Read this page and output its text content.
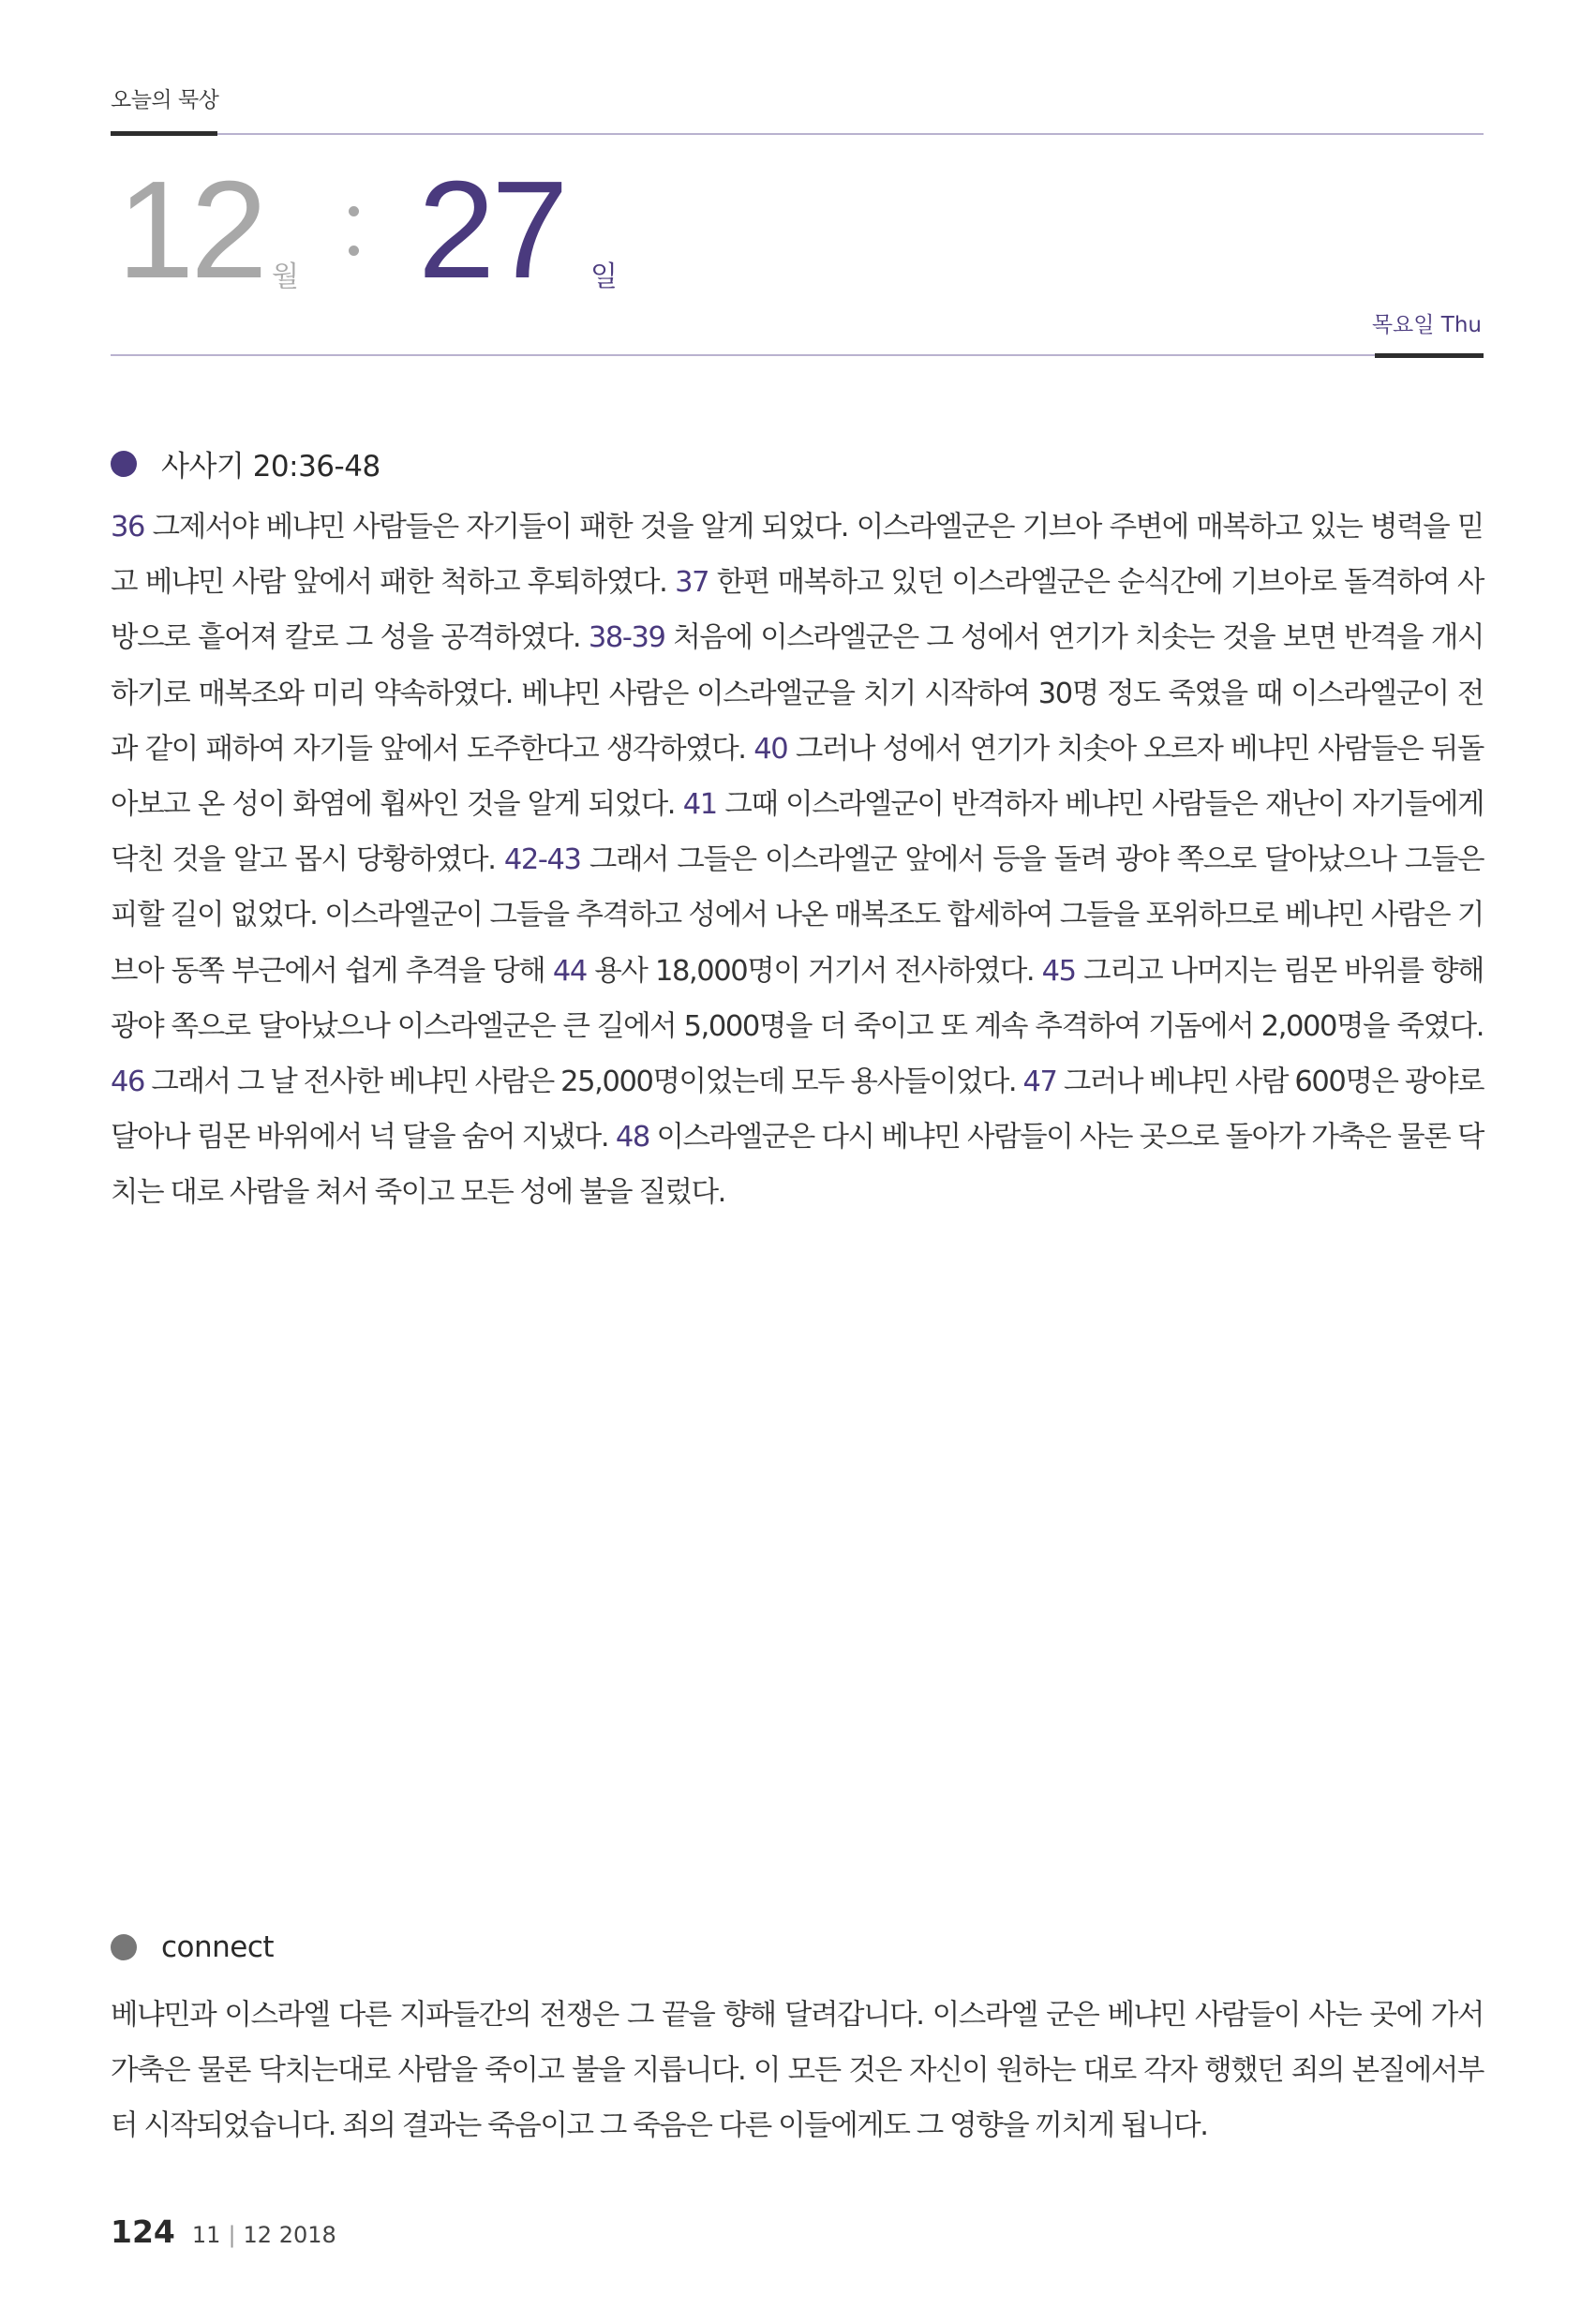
오늘의 묵상
12 월 27 일
목요일 Thu
사사기 20:36-48
36 그제서야 베냐민 사람들은 자기들이 패한 것을 알게 되었다. 이스라엘군은 기브아 주변에 매복하고 있는 병력을 믿고 베냐민 사람 앞에서 패한 척하고 후퇴하였다. 37 한편 매복하고 있던 이스라엘군은 순식간에 기브아로 돌격하여 사방으로 흩어져 칼로 그 성을 공격하였다. 38-39 처음에 이스라엘군은 그 성에서 연기가 치솟는 것을 보면 반격을 개시하기로 매복조와 미리 약속하였다. 베냐민 사람은 이스라엘군을 치기 시작하여 30명 정도 죽였을 때 이스라엘군이 전과 같이 패하여 자기들 앞에서 도주한다고 생각하였다. 40 그러나 성에서 연기가 치솟아 오르자 베냐민 사람들은 뒤돌아보고 온 성이 화염에 휩싸인 것을 알게 되었다. 41 그때 이스라엘군이 반격하자 베냐민 사람들은 재난이 자기들에게 닥친 것을 알고 몹시 당황하였다. 42-43 그래서 그들은 이스라엘군 앞에서 등을 돌려 광야 쪽으로 달아났으나 그들은 피할 길이 없었다. 이스라엘군이 그들을 추격하고 성에서 나온 매복조도 합세하여 그들을 포위하므로 베냐민 사람은 기브아 동쪽 부근에서 쉽게 추격을 당해 44 용사 18,000명이 거기서 전사하였다. 45 그리고 나머지는 림몬 바위를 향해 광야 쪽으로 달아났으나 이스라엘군은 큰 길에서 5,000명을 더 죽이고 또 계속 추격하여 기돔에서 2,000명을 죽였다. 46 그래서 그 날 전사한 베냐민 사람은 25,000명이었는데 모두 용사들이었다. 47 그러나 베냐민 사람 600명은 광야로 달아나 림몬 바위에서 넉 달을 숨어 지냈다. 48 이스라엘군은 다시 베냐민 사람들이 사는 곳으로 돌아가 가축은 물론 닥치는 대로 사람을 쳐서 죽이고 모든 성에 불을 질렀다.
connect
베냐민과 이스라엘 다른 지파들간의 전쟁은 그 끝을 향해 달려갑니다. 이스라엘 군은 베냐민 사람들이 사는 곳에 가서 가축은 물론 닥치는대로 사람을 죽이고 불을 지릅니다. 이 모든 것은 자신이 원하는 대로 각자 행했던 죄의 본질에서부터 시작되었습니다. 죄의 결과는 죽음이고 그 죽음은 다른 이들에게도 그 영향을 끼치게 됩니다.
124 11 | 12 2018
